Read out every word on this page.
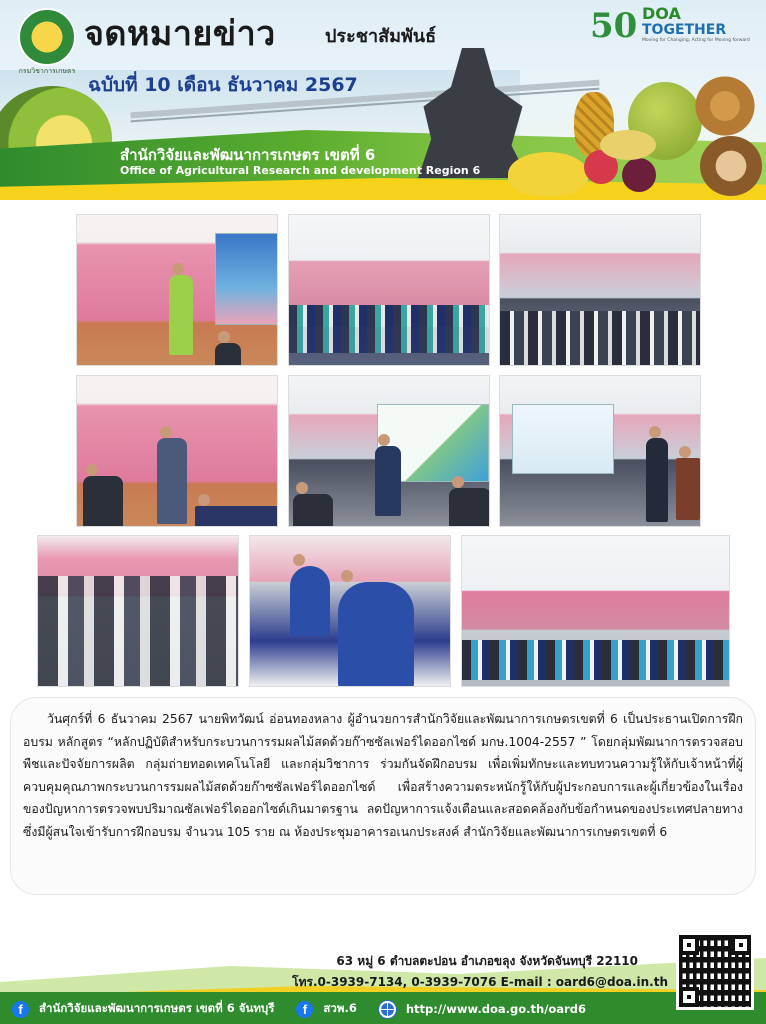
กรมวิชาการเกษตร
จดหมายข่าว	ประชาสัมพันธ์
ฉบับที่ 10 เดือน ธันวาคม 2567
สำนักวิจัยและพัฒนาการเกษตร เขตที่ 6
Office of Agricultural Research and development Region 6
50 DOA
TOGETHER
Moving for Changing, Acting for Moving forward

วันศุกร์ที่ 6 ธันวาคม 2567 นายพิทวัฒน์ อ่อนทองหลาง ผู้อำนวยการสำนักวิจัยและพัฒนาการเกษตรเขตที่ 6 เป็นประธานเปิดการฝึกอบรม หลักสูตร “หลักปฏิบัติสำหรับกระบวนการรมผลไม้สดด้วยก๊าซซัลเฟอร์ไดออกไซด์ มกษ.1004-2557 ” โดยกลุ่มพัฒนาการตรวจสอบพืชและปัจจัยการผลิต กลุ่มถ่ายทอดเทคโนโลยี และกลุ่มวิชาการ ร่วมกันจัดฝึกอบรม เพื่อเพิ่มทักษะและทบทวนความรู้ให้กับเจ้าหน้าที่ผู้ควบคุมคุณภาพกระบวนการรมผลไม้สดด้วยก๊าซซัลเฟอร์ไดออกไซด์ เพื่อสร้างความตระหนักรู้ให้กับผู้ประกอบการและผู้เกี่ยวข้องในเรื่องของปัญหาการตรวจพบปริมาณซัลเฟอร์ไดออกไซด์เกินมาตรฐาน ลดปัญหาการแจ้งเตือนและสอดคล้องกับข้อกำหนดของประเทศปลายทาง ซึ่งมีผู้สนใจเข้ารับการฝึกอบรม จำนวน 105 ราย ณ ห้องประชุมอาคารอเนกประสงค์ สำนักวิจัยและพัฒนาการเกษตรเขตที่ 6

63 หมู่ 6 ตำบลตะปอน อำเภอขลุง จังหวัดจันทบุรี 22110
โทร.0-3939-7134, 0-3939-7076 E-mail : oard6@doa.in.th
f	สำนักวิจัยและพัฒนาการเกษตร เขตที่ 6 จันทบุรี	f	สวพ.6	http://www.doa.go.th/oard6
